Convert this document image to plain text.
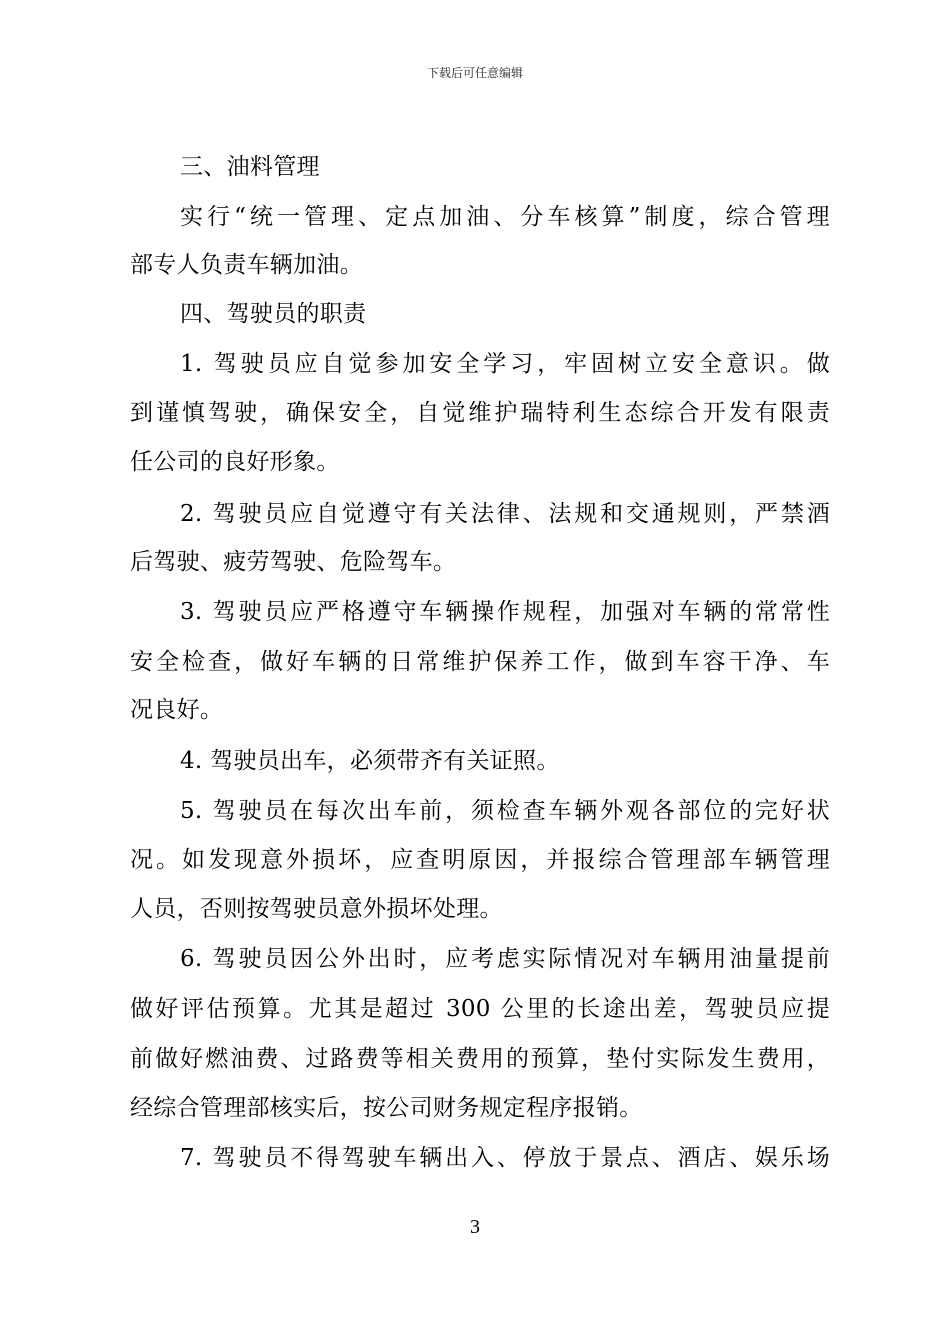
下载后可任意编辑
三、油料管理
实行“统一管理、定点加油、分车核算”制度，综合管理
部专人负责车辆加油。
四、驾驶员的职责
1. 驾驶员应自觉参加安全学习，牢固树立安全意识。做
到谨慎驾驶，确保安全，自觉维护瑞特利生态综合开发有限责
任公司的良好形象。
2. 驾驶员应自觉遵守有关法律、法规和交通规则，严禁酒
后驾驶、疲劳驾驶、危险驾车。
3. 驾驶员应严格遵守车辆操作规程，加强对车辆的常常性
安全检查，做好车辆的日常维护保养工作，做到车容干净、车
况良好。
4. 驾驶员出车，必须带齐有关证照。
5. 驾驶员在每次出车前，须检查车辆外观各部位的完好状
况。如发现意外损坏，应查明原因，并报综合管理部车辆管理
人员，否则按驾驶员意外损坏处理。
6. 驾驶员因公外出时，应考虑实际情况对车辆用油量提前
做好评估预算。尤其是超过 300 公里的长途出差，驾驶员应提
前做好燃油费、过路费等相关费用的预算，垫付实际发生费用，
经综合管理部核实后，按公司财务规定程序报销。
7. 驾驶员不得驾驶车辆出入、停放于景点、酒店、娱乐场
3
